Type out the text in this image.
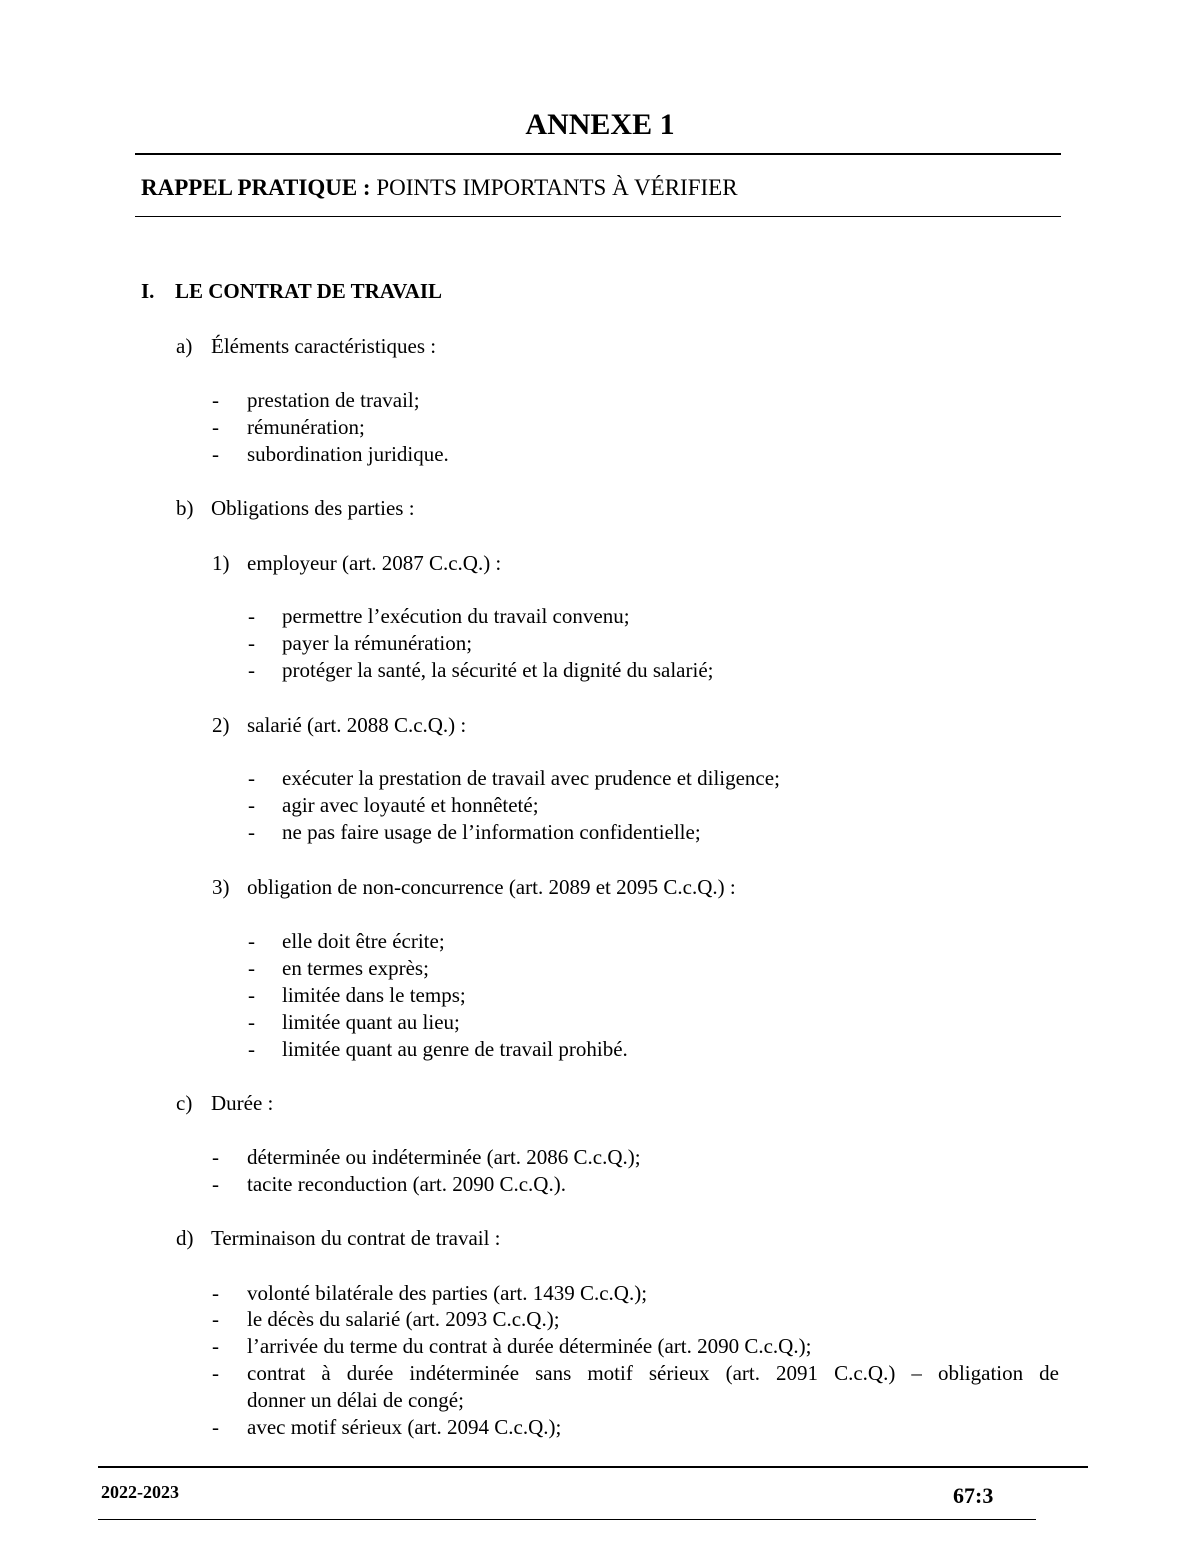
ANNEXE 1
RAPPEL PRATIQUE : POINTS IMPORTANTS À VÉRIFIER
I. LE CONTRAT DE TRAVAIL
a) Éléments caractéristiques :
- prestation de travail;
- rémunération;
- subordination juridique.
b) Obligations des parties :
1) employeur (art. 2087 C.c.Q.) :
- permettre l’exécution du travail convenu;
- payer la rémunération;
- protéger la santé, la sécurité et la dignité du salarié;
2) salarié (art. 2088 C.c.Q.) :
- exécuter la prestation de travail avec prudence et diligence;
- agir avec loyauté et honnêteté;
- ne pas faire usage de l’information confidentielle;
3) obligation de non-concurrence (art. 2089 et 2095 C.c.Q.) :
- elle doit être écrite;
- en termes exprès;
- limitée dans le temps;
- limitée quant au lieu;
- limitée quant au genre de travail prohibé.
c) Durée :
- déterminée ou indéterminée (art. 2086 C.c.Q.);
- tacite reconduction (art. 2090 C.c.Q.).
d) Terminaison du contrat de travail :
- volonté bilatérale des parties (art. 1439 C.c.Q.);
- le décès du salarié (art. 2093 C.c.Q.);
- l’arrivée du terme du contrat à durée déterminée (art. 2090 C.c.Q.);
- contrat à durée indéterminée sans motif sérieux (art. 2091 C.c.Q.) – obligation de
donner un délai de congé;
- avec motif sérieux (art. 2094 C.c.Q.);
2022-2023	67:3
